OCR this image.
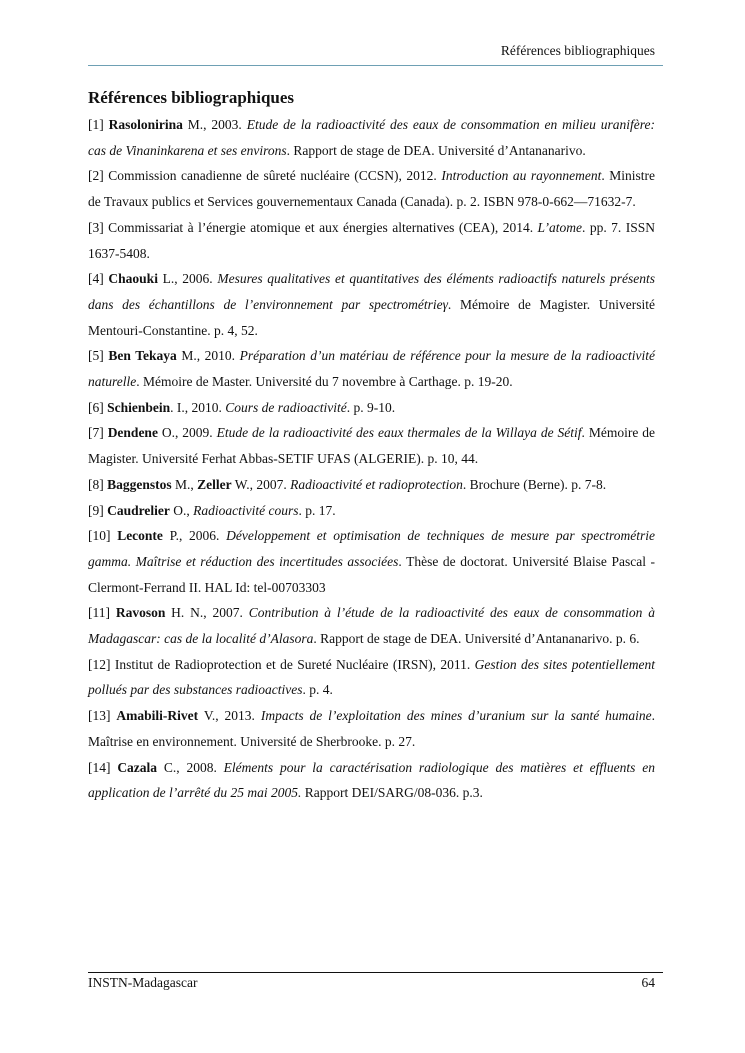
Références bibliographiques
Références bibliographiques

[1] Rasolonirina M., 2003. Etude de la radioactivité des eaux de consommation en milieu uranifère: cas de Vinaninkarena et ses environs. Rapport de stage de DEA. Université d’Antananarivo.

[2] Commission canadienne de sûreté nucléaire (CCSN), 2012. Introduction au rayonnement. Ministre de Travaux publics et Services gouvernementaux Canada (Canada). p. 2. ISBN 978-0-662—71632-7.

[3] Commissariat à l’énergie atomique et aux énergies alternatives (CEA), 2014. L’atome. pp. 7. ISSN 1637-5408.

[4] Chaouki L., 2006. Mesures qualitatives et quantitatives des éléments radioactifs naturels présents dans des échantillons de l’environnement par spectrométrieγ. Mémoire de Magister. Université Mentouri-Constantine. p. 4, 52.

[5] Ben Tekaya M., 2010. Préparation d’un matériau de référence pour la mesure de la radioactivité naturelle. Mémoire de Master. Université du 7 novembre à Carthage. p. 19-20.

[6] Schienbein. I., 2010. Cours de radioactivité. p. 9-10.

[7] Dendene O., 2009. Etude de la radioactivité des eaux thermales de la Willaya de Sétif. Mémoire de Magister. Université Ferhat Abbas-SETIF UFAS (ALGERIE). p. 10, 44.

[8] Baggenstos M., Zeller W., 2007. Radioactivité et radioprotection. Brochure (Berne). p. 7-8.

[9] Caudrelier O., Radioactivité cours. p. 17.

[10] Leconte P., 2006. Développement et optimisation de techniques de mesure par spectrométrie gamma. Maîtrise et réduction des incertitudes associées. Thèse de doctorat. Université Blaise Pascal - Clermont-Ferrand II. HAL Id: tel-00703303

[11] Ravoson H. N., 2007. Contribution à l’étude de la radioactivité des eaux de consommation à Madagascar: cas de la localité d’Alasora. Rapport de stage de DEA. Université d’Antananarivo. p. 6.

[12] Institut de Radioprotection et de Sureté Nucléaire (IRSN), 2011. Gestion des sites potentiellement pollués par des substances radioactives. p. 4.

[13] Amabili-Rivet V., 2013. Impacts de l’exploitation des mines d’uranium sur la santé humaine. Maîtrise en environnement. Université de Sherbrooke. p. 27.

[14] Cazala C., 2008. Eléments pour la caractérisation radiologique des matières et effluents en application de l’arrêté du 25 mai 2005. Rapport DEI/SARG/08-036. p.3.

INSTN-Madagascar	64
